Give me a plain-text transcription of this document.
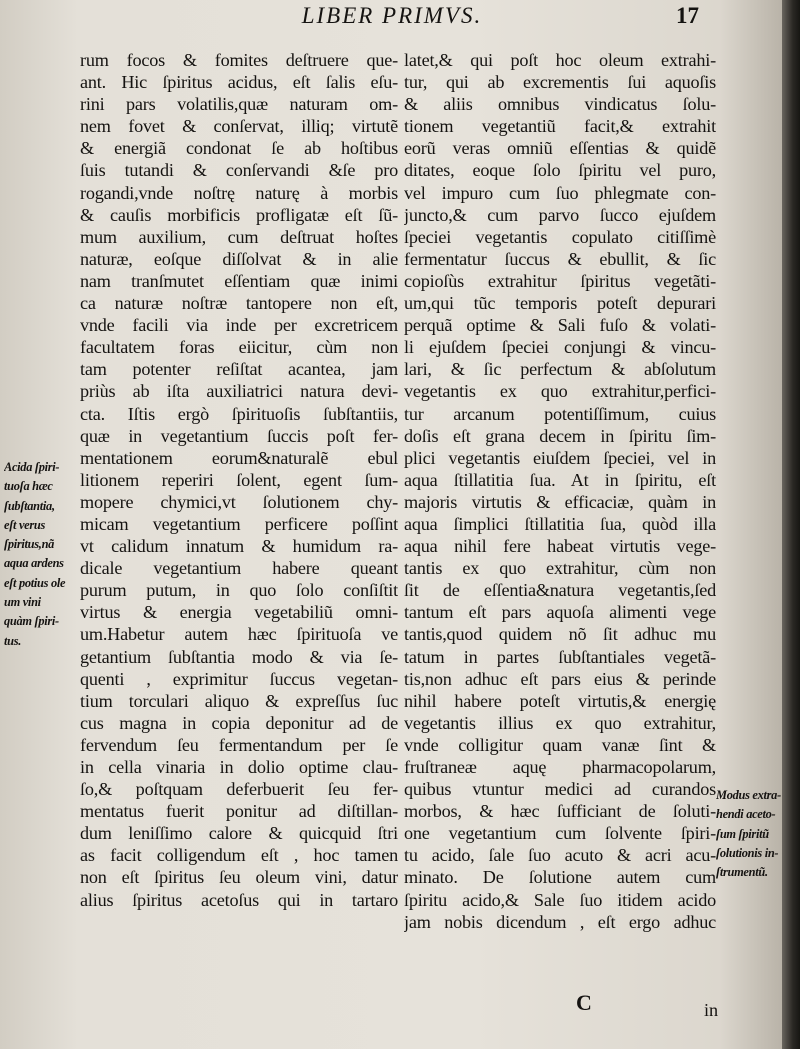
LIBER PRIMVS.	17
Acida ſpiri-
tuoſa hæc
ſubſtantia,
eſt verus
ſpiritus,nã
aqua ardens
eſt potius ole
um vini
quàm ſpiri-
tus.
rum focos & fomites deſtruere que-
ant. Hic ſpiritus acidus, eſt ſalis eſu-
rini pars volatilis,quæ naturam om-
nem fovet & conſervat, illiq; virtutẽ
& energiã condonat ſe ab hoſtibus
ſuis tutandi & conſervandi &ſe pro
rogandi,vnde noſtrę naturę à morbis
& cauſis morbificis profligatæ eſt ſũ-
mum auxilium, cum deſtruat hoſtes
naturæ, eoſque diſſolvat & in alie
nam tranſmutet eſſentiam quæ inimi
ca naturæ noſtræ tantopere non eſt,
vnde facili via inde per excretricem
facultatem foras eiicitur, cùm non
tam potenter reſiſtat acantea, jam
priùs ab iſta auxiliatrici natura devi-
cta. Iſtis ergò ſpirituoſis ſubſtantiis,
quæ in vegetantium ſuccis poſt fer-
mentationem eorum&naturalẽ ebul
litionem reperiri ſolent, egent ſum-
mopere chymici,vt ſolutionem chy-
micam vegetantium perficere poſſint
vt calidum innatum & humidum ra-
dicale vegetantium habere queant
purum putum, in quo ſolo conſiſtit
virtus & energia vegetabiliũ omni-
um.Habetur autem hæc ſpirituoſa ve
getantium ſubſtantia modo & via ſe-
quenti , exprimitur ſuccus vegetan-
tium torculari aliquo & expreſſus ſuc
cus magna in copia deponitur ad de
fervendum ſeu fermentandum per ſe
in cella vinaria in dolio optime clau-
ſo,& poſtquam deferbuerit ſeu fer-
mentatus fuerit ponitur ad diſtillan-
dum leniſſimo calore & quicquid ſtri
as facit colligendum eſt , hoc tamen
non eſt ſpiritus ſeu oleum vini, datur
alius ſpiritus acetoſus qui in tartaro
latet,& qui poſt hoc oleum extrahi-
tur, qui ab excrementis ſui aquoſis
& aliis omnibus vindicatus ſolu-
tionem vegetantiũ facit,& extrahit
eorũ veras omniũ eſſentias & quidẽ
ditates, eoque ſolo ſpiritu vel puro,
vel impuro cum ſuo phlegmate con-
juncto,& cum parvo ſucco ejuſdem
ſpeciei vegetantis copulato citiſſimè
fermentatur ſuccus & ebullit, & ſic
copioſùs extrahitur ſpiritus vegetãti-
um,qui tũc temporis poteſt depurari
perquã optime & Sali fuſo & volati-
li ejuſdem ſpeciei conjungi & vincu-
lari, & ſic perfectum & abſolutum
vegetantis ex quo extrahitur,perfici-
tur arcanum potentiſſimum, cuius
doſis eſt grana decem in ſpiritu ſim-
plici vegetantis eiuſdem ſpeciei, vel in
aqua ſtillatitia ſua. At in ſpiritu, eſt
majoris virtutis & efficaciæ, quàm in
aqua ſimplici ſtillatitia ſua, quòd illa
aqua nihil fere habeat virtutis vege-
tantis ex quo extrahitur, cùm non
ſit de eſſentia&natura vegetantis,ſed
tantum eſt pars aquoſa alimenti vege
tantis,quod quidem nõ ſit adhuc mu
tatum in partes ſubſtantiales vegetã-
tis,non adhuc eſt pars eius & perinde
nihil habere poteſt virtutis,& energię
vegetantis illius ex quo extrahitur,
vnde colligitur quam vanæ ſint &
fruſtraneæ aquę pharmacopolarum,
quibus vtuntur medici ad curandos
morbos, & hæc ſufficiant de ſoluti-
one vegetantium cum ſolvente ſpiri-
tu acido, ſale ſuo acuto & acri acu-
minato. De ſolutione autem cum
ſpiritu acido,& Sale ſuo itidem acido
jam nobis dicendum , eſt ergo adhuc
Modus extra-
hendi aceto-
ſum ſpiritũ
ſolutionis in-
ſtrumentũ.
C	in
